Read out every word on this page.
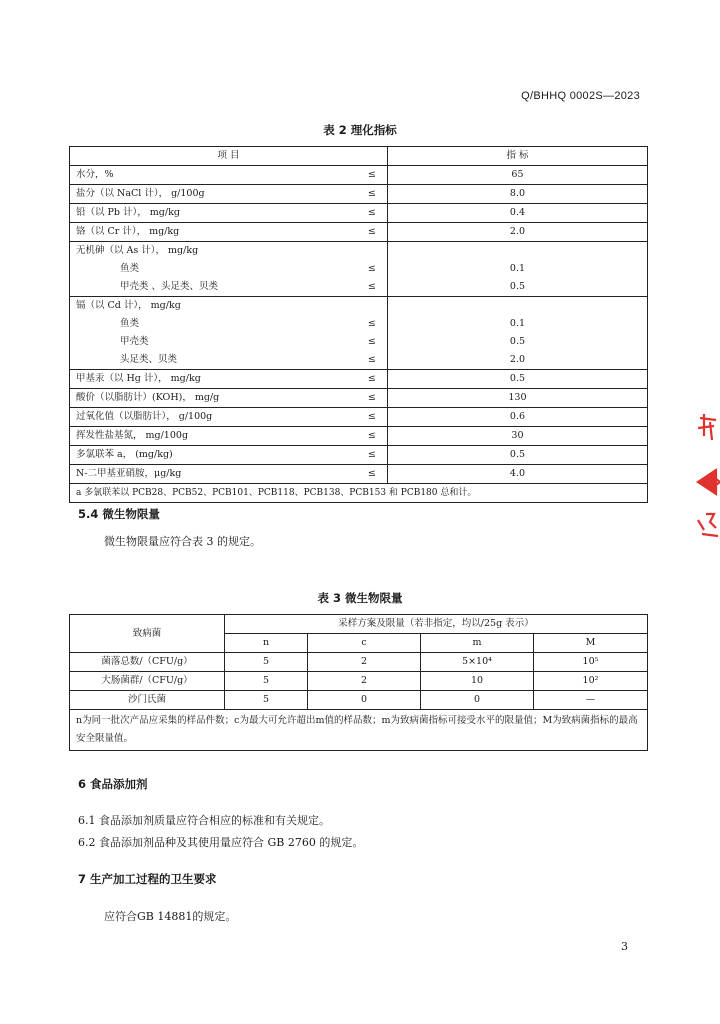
Q/BHHQ 0002S—2023
表 2 理化指标
项 目		指 标
水分，%	≤	65
盐分（以 NaCl 计）， g/100g	≤	8.0
铅（以 Pb 计）， mg/kg	≤	0.4
铬（以 Cr 计）， mg/kg	≤	2.0
无机砷（以 As 计）， mg/kg		
鱼类	≤	0.1
甲壳类 、头足类、贝类	≤	0.5
镉（以 Cd 计）， mg/kg		
鱼类	≤	0.1
甲壳类	≤	0.5
头足类、贝类	≤	2.0
甲基汞（以 Hg 计）， mg/kg	≤	0.5
酸价（以脂肪计）(KOH)， mg/g	≤	130
过氧化值（以脂肪计）， g/100g	≤	0.6
挥发性盐基氮， mg/100g	≤	30
多氯联苯 a， (mg/kg)	≤	0.5
N-二甲基亚硝胺，μg/kg	≤	4.0
a 多氯联苯以 PCB28、PCB52、PCB101、PCB118、PCB138、PCB153 和 PCB180 总和计。		
5.4 微生物限量
微生物限量应符合表 3 的规定。
表 3 微生物限量
致病菌	采样方案及限量（若非指定，均以/25g 表示）			
	n	c	m	M
菌落总数/（CFU/g）	5	2	5×10⁴	10⁵
大肠菌群/（CFU/g）	5	2	10	10²
沙门氏菌	5	0	0	—
n为同一批次产品应采集的样品件数；c为最大可允许超出m值的样品数；m为致病菌指标可接受水平的限量值；M为致病菌指标的最高安全限量值。				
6 食品添加剂
6.1 食品添加剂质量应符合相应的标准和有关规定。
6.2 食品添加剂品种及其使用量应符合 GB 2760 的规定。
7 生产加工过程的卫生要求
应符合GB 14881的规定。
3
